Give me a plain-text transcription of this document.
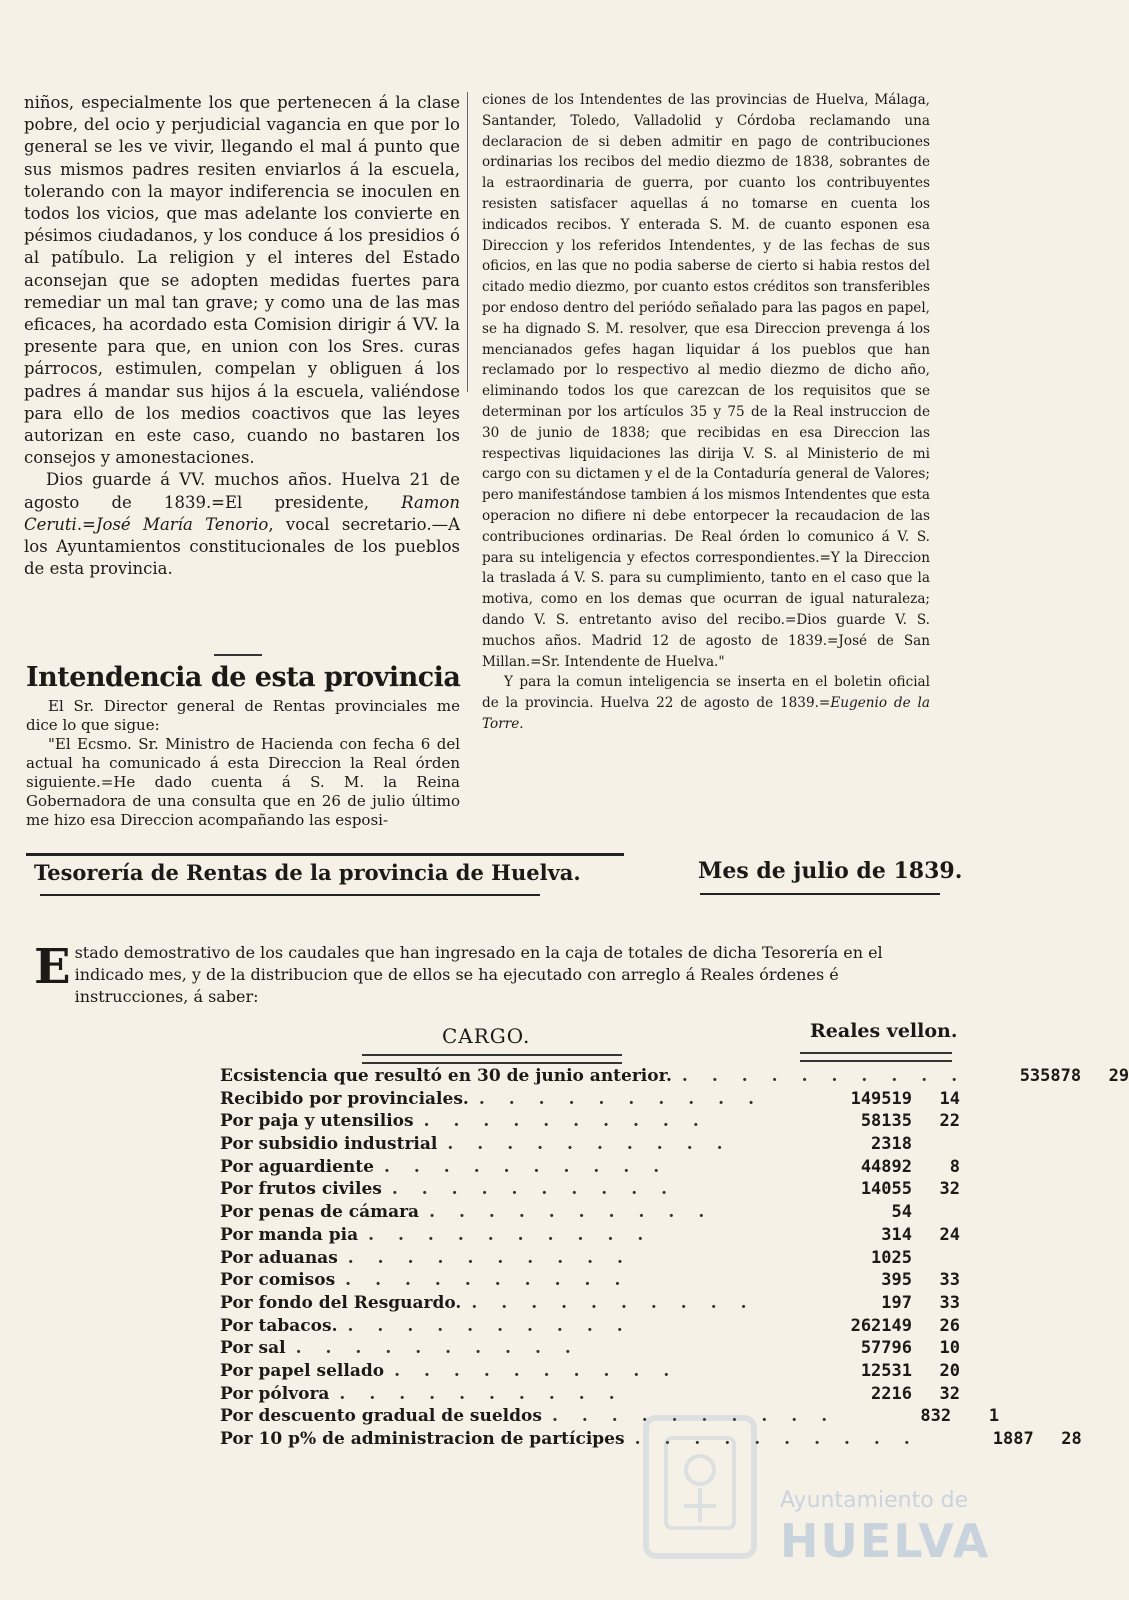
niños, especialmente los que pertenecen á la clase pobre, del ocio y perjudicial vagancia en que por lo general se les ve vivir, llegando el mal á punto que sus mismos padres resiten enviarlos á la escuela, tolerando con la mayor indiferencia se inoculen en todos los vicios, que mas adelante los convierte en pésimos ciudadanos, y los conduce á los presidios ó al patíbulo. La religion y el interes del Estado aconsejan que se adopten medidas fuertes para remediar un mal tan grave; y como una de las mas eficaces, ha acordado esta Comision dirigir á VV. la presente para que, en union con los Sres. curas párrocos, estimulen, compelan y obliguen á los padres á mandar sus hijos á la escuela, valiéndose para ello de los medios coactivos que las leyes autorizan en este caso, cuando no bastaren los consejos y amonestaciones.

Dios guarde á VV. muchos años. Huelva 21 de agosto de 1839.=El presidente, Ramon Ceruti.=José María Tenorio, vocal secretario.—A los Ayuntamientos constitucionales de los pueblos de esta provincia.

Intendencia de esta provincia

El Sr. Director general de Rentas provinciales me dice lo que sigue:

"El Ecsmo. Sr. Ministro de Hacienda con fecha 6 del actual ha comunicado á esta Direccion la Real órden siguiente.=He dado cuenta á S. M. la Reina Gobernadora de una consulta que en 26 de julio último me hizo esa Direccion acompañando las esposi-

ciones de los Intendentes de las provincias de Huelva, Málaga, Santander, Toledo, Valladolid y Córdoba reclamando una declaracion de si deben admitir en pago de contribuciones ordinarias los recibos del medio diezmo de 1838, sobrantes de la estraordinaria de guerra, por cuanto los contribuyentes resisten satisfacer aquellas á no tomarse en cuenta los indicados recibos. Y enterada S. M. de cuanto esponen esa Direccion y los referidos Intendentes, y de las fechas de sus oficios, en las que no podia saberse de cierto si habia restos del citado medio diezmo, por cuanto estos créditos son transferibles por endoso dentro del periódo señalado para las pagos en papel, se ha dignado S. M. resolver, que esa Direccion prevenga á los mencianados gefes hagan liquidar á los pueblos que han reclamado por lo respectivo al medio diezmo de dicho año, eliminando todos los que carezcan de los requisitos que se determinan por los artículos 35 y 75 de la Real instruccion de 30 de junio de 1838; que recibidas en esa Direccion las respectivas liquidaciones las dirija V. S. al Ministerio de mi cargo con su dictamen y el de la Contaduría general de Valores; pero manifestándose tambien á los mismos Intendentes que esta operacion no difiere ni debe entorpecer la recaudacion de las contribuciones ordinarias. De Real órden lo comunico á V. S. para su inteligencia y efectos correspondientes.=Y la Direccion la traslada á V. S. para su cumplimiento, tanto en el caso que la motiva, como en los demas que ocurran de igual naturaleza; dando V. S. entretanto aviso del recibo.=Dios guarde V. S. muchos años. Madrid 12 de agosto de 1839.=José de San Millan.=Sr. Intendente de Huelva."

Y para la comun inteligencia se inserta en el boletin oficial de la provincia. Huelva 22 de agosto de 1839.=Eugenio de la Torre.

Tesorería de Rentas de la provincia de Huelva.	Mes de julio de 1839.
Estado demostrativo de los caudales que han ingresado en la caja de totales de dicha Tesorería en el indicado mes, y de la distribucion que de ellos se ha ejecutado con arreglo á Reales órdenes é instrucciones, á saber:
CARGO.	Reales vellon.
Ecsistencia que resultó en 30 de junio anterior. ..........	535878	29
Recibido por provinciales. ..........	149519	14
Por paja y utensilios ..........	58135	22
Por subsidio industrial ..........	2318
Por aguardiente ..........	44892	8
Por frutos civiles ..........	14055	32
Por penas de cámara ..........	54
Por manda pia ..........	314	24
Por aduanas ..........	1025
Por comisos ..........	395	33
Por fondo del Resguardo. ..........	197	33
Por tabacos. ..........	262149	26
Por sal ..........	57796	10
Por papel sellado ..........	12531	20
Por pólvora ..........	2216	32
Por descuento gradual de sueldos ..........	832	1
Por 10 p% de administracion de partícipes ..........	1887	28
Ayuntamiento de
HUELVA
